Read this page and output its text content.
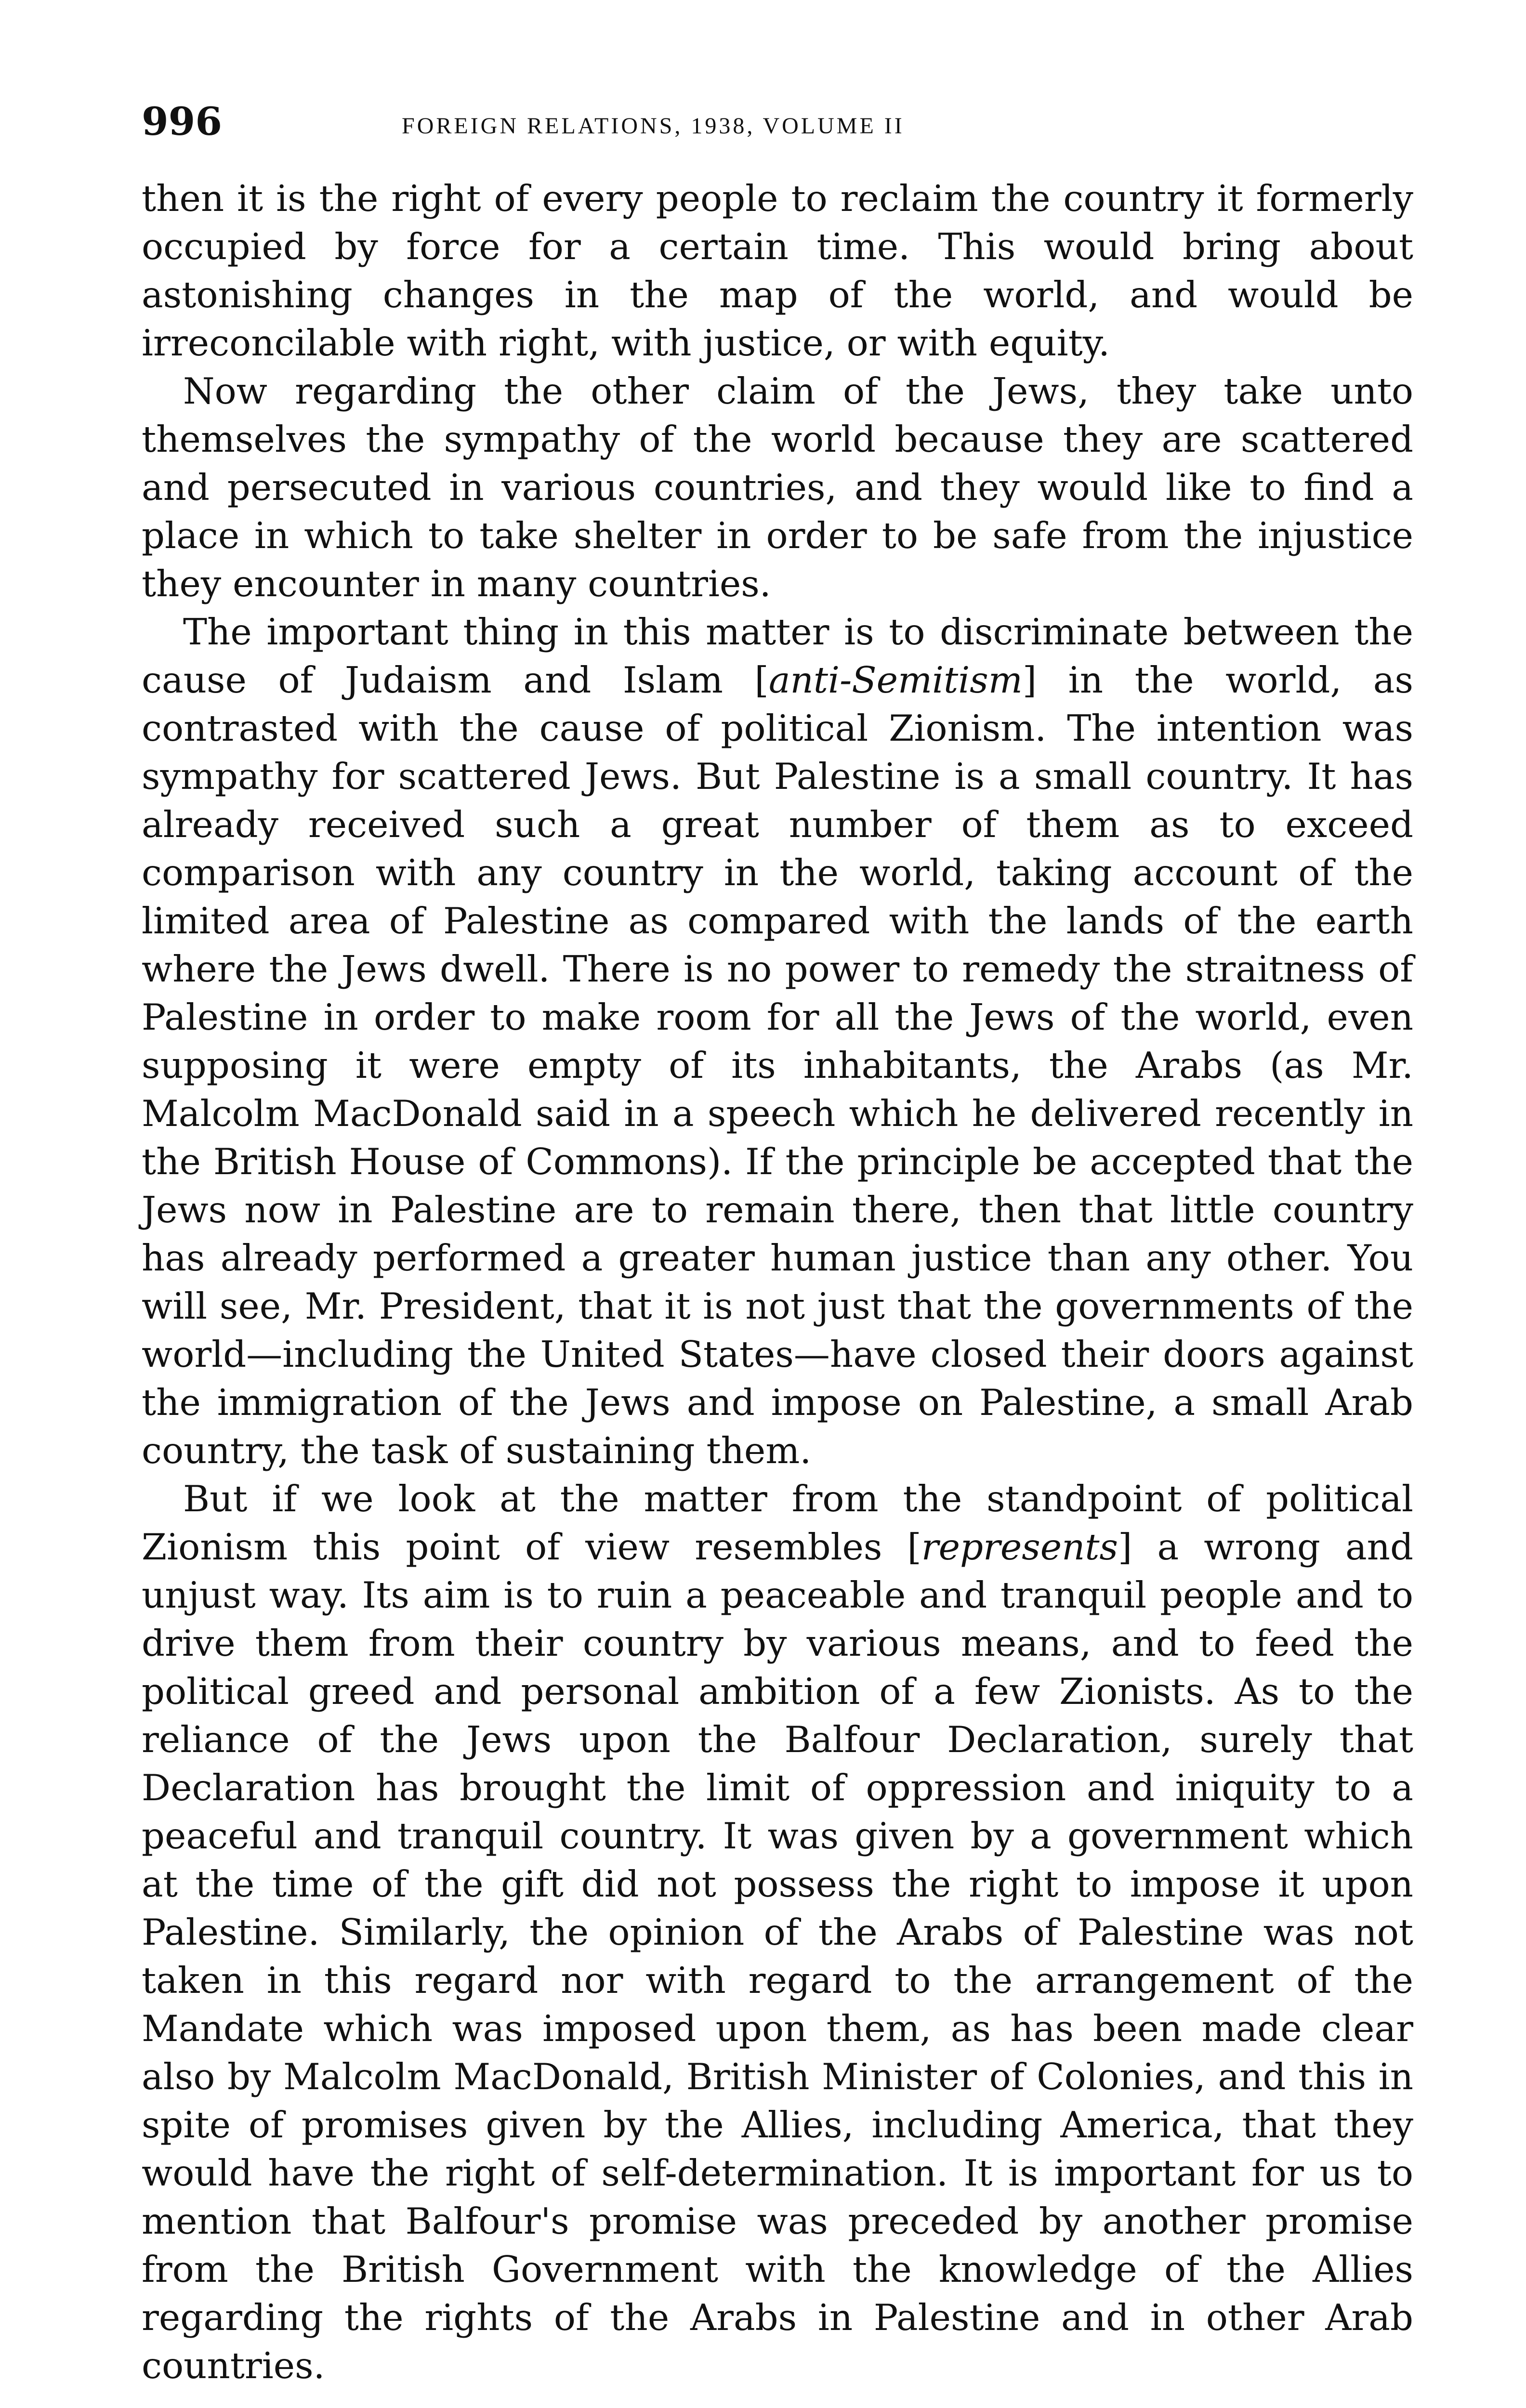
996	FOREIGN RELATIONS, 1938, VOLUME II

then it is the right of every people to reclaim the country it formerly occupied by force for a certain time. This would bring about astonishing changes in the map of the world, and would be irreconcilable with right, with justice, or with equity.

Now regarding the other claim of the Jews, they take unto themselves the sympathy of the world because they are scattered and persecuted in various countries, and they would like to find a place in which to take shelter in order to be safe from the injustice they encounter in many countries.

The important thing in this matter is to discriminate between the cause of Judaism and Islam [anti-Semitism] in the world, as contrasted with the cause of political Zionism. The intention was sympathy for scattered Jews. But Palestine is a small country. It has already received such a great number of them as to exceed comparison with any country in the world, taking account of the limited area of Palestine as compared with the lands of the earth where the Jews dwell. There is no power to remedy the straitness of Palestine in order to make room for all the Jews of the world, even supposing it were empty of its inhabitants, the Arabs (as Mr. Malcolm MacDonald said in a speech which he delivered recently in the British House of Commons). If the principle be accepted that the Jews now in Palestine are to remain there, then that little country has already performed a greater human justice than any other. You will see, Mr. President, that it is not just that the governments of the world—including the United States—have closed their doors against the immigration of the Jews and impose on Palestine, a small Arab country, the task of sustaining them.

But if we look at the matter from the standpoint of political Zionism this point of view resembles [represents] a wrong and unjust way. Its aim is to ruin a peaceable and tranquil people and to drive them from their country by various means, and to feed the political greed and personal ambition of a few Zionists. As to the reliance of the Jews upon the Balfour Declaration, surely that Declaration has brought the limit of oppression and iniquity to a peaceful and tranquil country. It was given by a government which at the time of the gift did not possess the right to impose it upon Palestine. Similarly, the opinion of the Arabs of Palestine was not taken in this regard nor with regard to the arrangement of the Mandate which was imposed upon them, as has been made clear also by Malcolm MacDonald, British Minister of Colonies, and this in spite of promises given by the Allies, including America, that they would have the right of self-determination. It is important for us to mention that Balfour's promise was preceded by another promise from the British Government with the knowledge of the Allies regarding the rights of the Arabs in Palestine and in other Arab countries.
